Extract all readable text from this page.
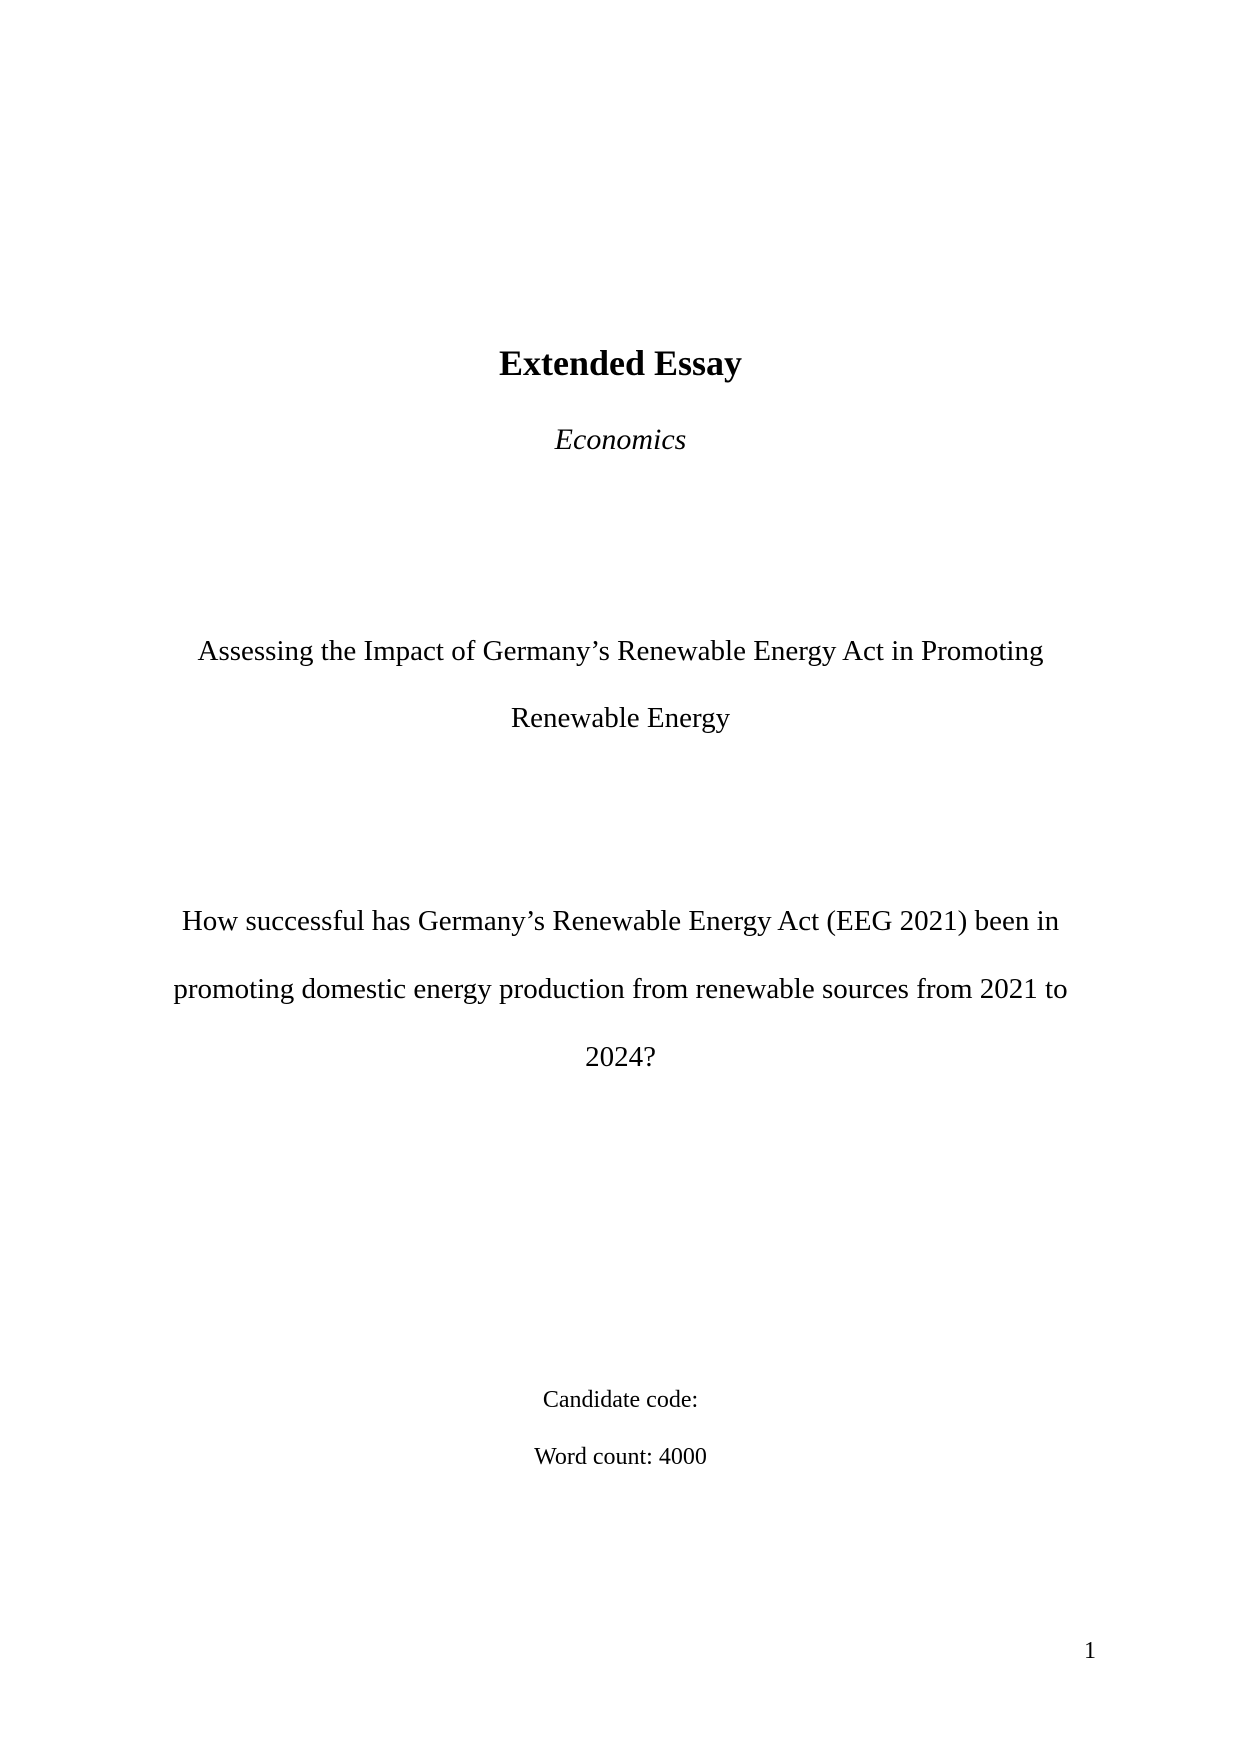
Extended Essay
Economics
Assessing the Impact of Germany’s Renewable Energy Act in Promoting
Renewable Energy
How successful has Germany’s Renewable Energy Act (EEG 2021) been in
promoting domestic energy production from renewable sources from 2021 to
2024?
Candidate code:
Word count: 4000
1
